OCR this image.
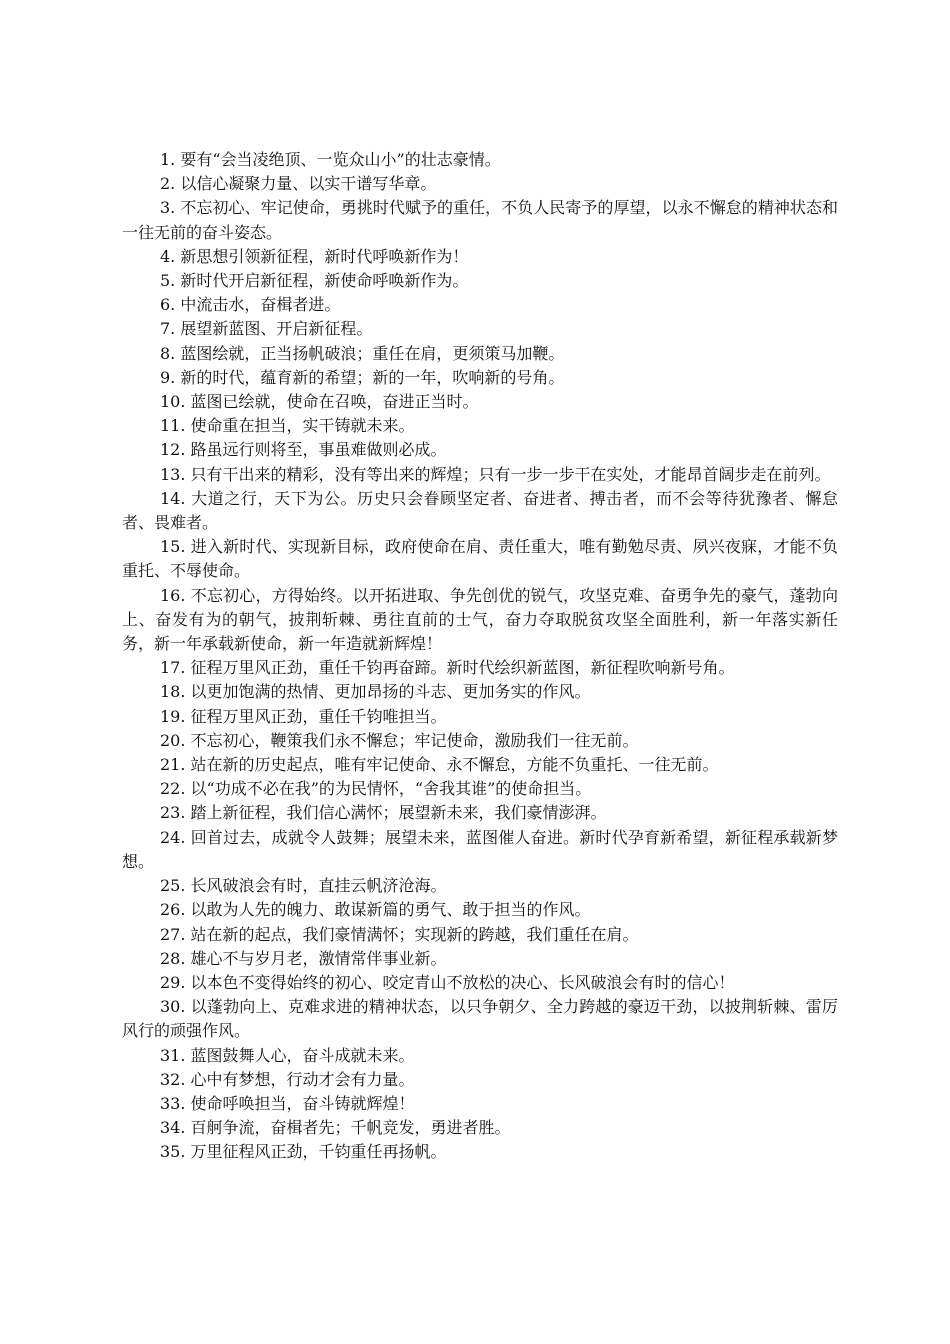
1. 要有“会当凌绝顶、一览众山小”的壮志豪情。

2. 以信心凝聚力量、以实干谱写华章。

3. 不忘初心、牢记使命，勇挑时代赋予的重任，不负人民寄予的厚望，以永不懈怠的精神状态和一往无前的奋斗姿态。

4. 新思想引领新征程，新时代呼唤新作为！

5. 新时代开启新征程，新使命呼唤新作为。

6. 中流击水，奋楫者进。

7. 展望新蓝图、开启新征程。

8. 蓝图绘就，正当扬帆破浪；重任在肩，更须策马加鞭。

9. 新的时代，蕴育新的希望；新的一年，吹响新的号角。

10. 蓝图已绘就，使命在召唤，奋进正当时。

11. 使命重在担当，实干铸就未来。

12. 路虽远行则将至，事虽难做则必成。

13. 只有干出来的精彩，没有等出来的辉煌；只有一步一步干在实处，才能昂首阔步走在前列。

14. 大道之行，天下为公。历史只会眷顾坚定者、奋进者、搏击者，而不会等待犹豫者、懈怠者、畏难者。

15. 进入新时代、实现新目标，政府使命在肩、责任重大，唯有勤勉尽责、夙兴夜寐，才能不负重托、不辱使命。

16. 不忘初心，方得始终。以开拓进取、争先创优的锐气，攻坚克难、奋勇争先的豪气，蓬勃向上、奋发有为的朝气，披荆斩棘、勇往直前的士气，奋力夺取脱贫攻坚全面胜利，新一年落实新任务，新一年承载新使命，新一年造就新辉煌！

17. 征程万里风正劲，重任千钧再奋蹄。新时代绘织新蓝图，新征程吹响新号角。

18. 以更加饱满的热情、更加昂扬的斗志、更加务实的作风。

19. 征程万里风正劲，重任千钧唯担当。

20. 不忘初心，鞭策我们永不懈怠；牢记使命，激励我们一往无前。

21. 站在新的历史起点，唯有牢记使命、永不懈怠，方能不负重托、一往无前。

22. 以“功成不必在我”的为民情怀，“舍我其谁”的使命担当。

23. 踏上新征程，我们信心满怀；展望新未来，我们豪情澎湃。

24. 回首过去，成就令人鼓舞；展望未来，蓝图催人奋进。新时代孕育新希望，新征程承载新梦想。

25. 长风破浪会有时，直挂云帆济沧海。

26. 以敢为人先的魄力、敢谋新篇的勇气、敢于担当的作风。

27. 站在新的起点，我们豪情满怀；实现新的跨越，我们重任在肩。

28. 雄心不与岁月老，激情常伴事业新。

29. 以本色不变得始终的初心、咬定青山不放松的决心、长风破浪会有时的信心！

30. 以蓬勃向上、克难求进的精神状态，以只争朝夕、全力跨越的豪迈干劲，以披荆斩棘、雷厉风行的顽强作风。

31. 蓝图鼓舞人心，奋斗成就未来。

32. 心中有梦想，行动才会有力量。

33. 使命呼唤担当，奋斗铸就辉煌！

34. 百舸争流，奋楫者先；千帆竞发，勇进者胜。

35. 万里征程风正劲，千钧重任再扬帆。
